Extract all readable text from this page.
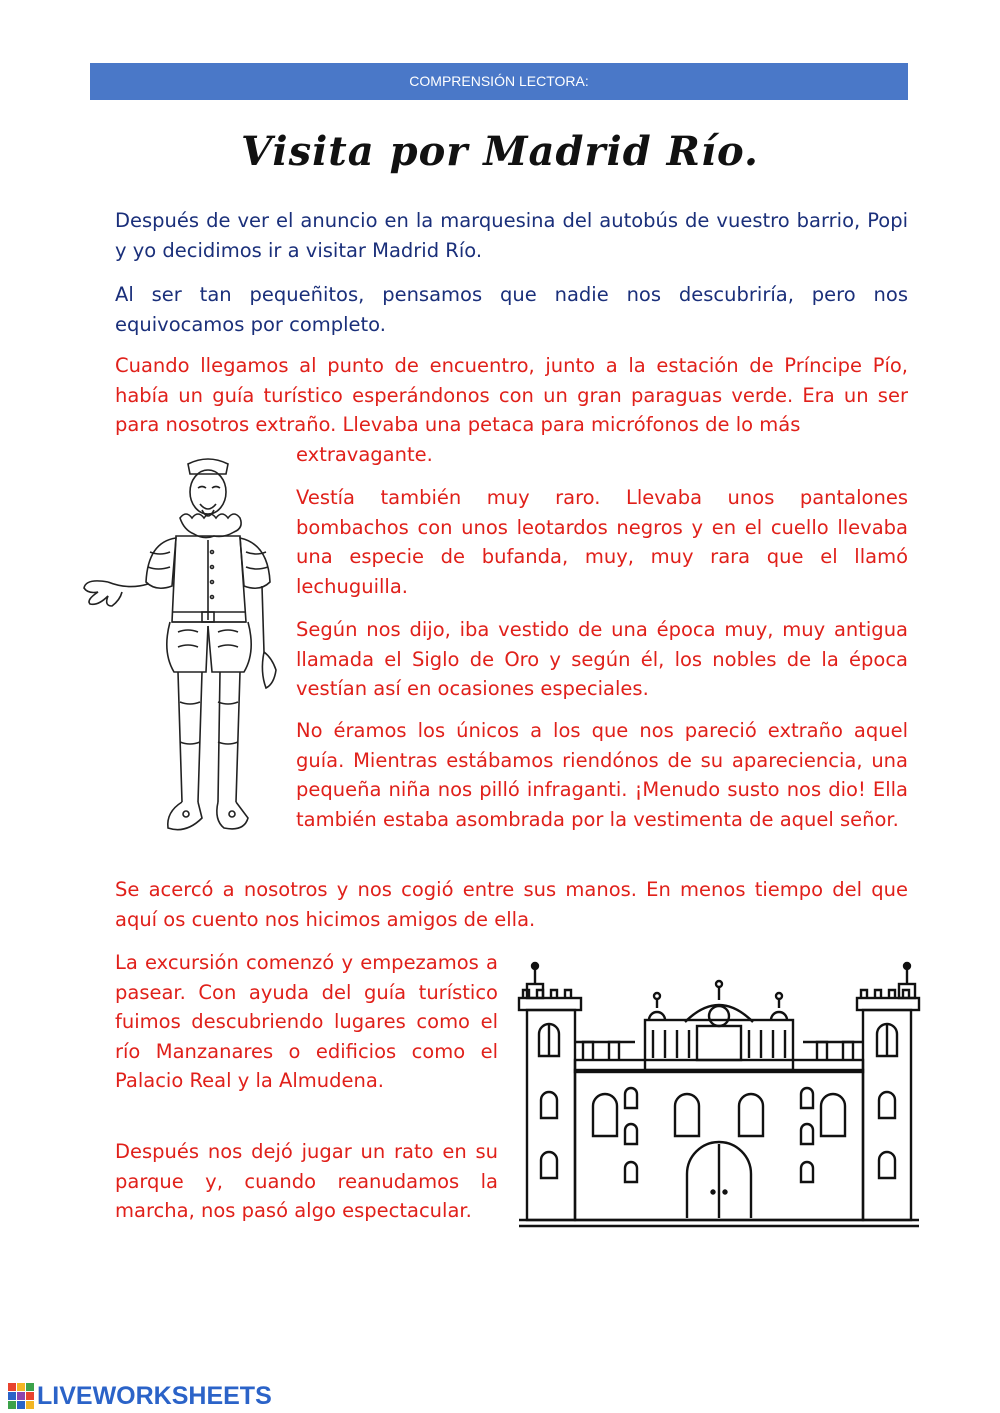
COMPRENSIÓN LECTORA:
Visita por Madrid Río.
Después de ver el anuncio en la marquesina del autobús de vuestro barrio, Popi y yo decidimos ir a visitar Madrid Río.
Al ser tan pequeñitos, pensamos que nadie nos descubriría, pero nos equivocamos por completo.
Cuando llegamos al punto de encuentro, junto a la estación de Príncipe Pío, había un guía turístico esperándonos con un gran paraguas verde. Era un ser para nosotros extraño. Llevaba una petaca para micrófonos de lo más
extravagante.
Vestía también muy raro. Llevaba unos pantalones bombachos con unos leotardos negros y en el cuello llevaba una especie de bufanda, muy, muy rara que el llamó lechuguilla.
Según nos dijo, iba vestido de una época muy, muy antigua llamada el Siglo de Oro y según él, los nobles de la época vestían así en ocasiones especiales.
No éramos los únicos a los que nos pareció extraño aquel guía. Mientras estábamos riendónos de su apareciencia, una pequeña niña nos pilló infraganti. ¡Menudo susto nos dio! Ella también estaba asombrada por la vestimenta de aquel señor.
Se acercó a nosotros y nos cogió entre sus manos. En menos tiempo del que aquí os cuento nos hicimos amigos de ella.
La excursión comenzó y empezamos a pasear. Con ayuda del guía turístico fuimos descubriendo lugares como el río Manzanares o edificios como el Palacio Real y la Almudena.
Después nos dejó jugar un rato en su parque y, cuando reanudamos la marcha, nos pasó algo espectacular.
LIVEWORKSHEETS
